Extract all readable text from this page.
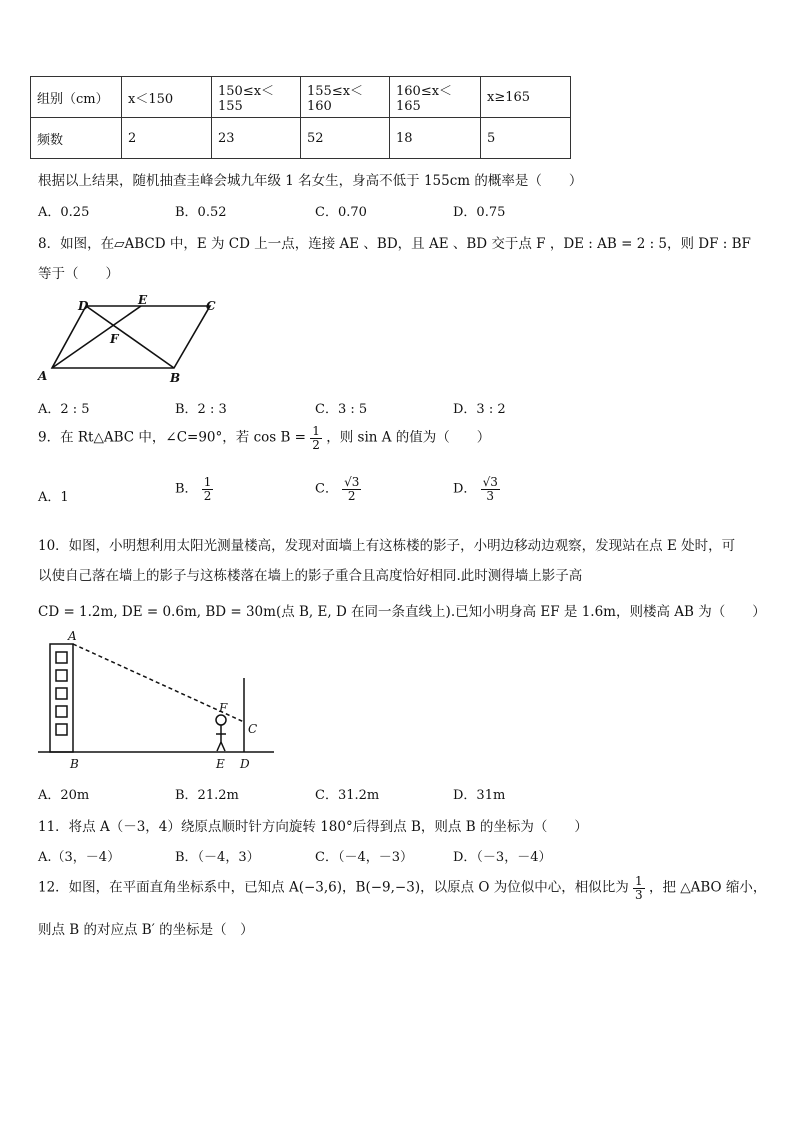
组别（cm）	x＜150	150≤x＜155	155≤x＜160	160≤x＜165	x≥165
频数	2	23	52	18	5
根据以上结果，随机抽查圭峰会城九年级 1 名女生，身高不低于 155cm 的概率是（　　）
A．0.25	B．0.52	C．0.70	D．0.75
8．如图，在▱ABCD 中，E 为 CD 上一点，连接 AE 、BD，且 AE 、BD 交于点 F ，DE : AB = 2 : 5，则 DF : BF
等于（　　）
A	B
C
D	E
F
A．2 : 5	B．2 : 3	C．3 : 5	D．3 : 2
9．在 Rt△ABC 中，∠C=90°，若 $\cos B = \frac{1}{2}$ ，则 sin A 的值为（　　）
A．1
B． $\frac{1}{2}$	C． $\frac{√3}{2}$	D． $\frac{√3}{3}$
10．如图，小明想利用太阳光测量楼高，发现对面墙上有这栋楼的影子，小明边移动边观察，发现站在点 E 处时，可
以使自己落在墙上的影子与这栋楼落在墙上的影子重合且高度恰好相同.此时测得墙上影子高
CD = 1.2m, DE = 0.6m, BD = 30m(点 B, E, D 在同一条直线上).已知小明身高 EF 是 1.6m，则楼高 AB 为（　　）
A
B
C
D
E
F
A．20m	B．21.2m	C．31.2m	D．31m
11．将点 A（－3，4）绕原点顺时针方向旋转 180°后得到点 B，则点 B 的坐标为（　　）
A.（3，－4）	B．（－4，3）	C．（－4，－3）	D．（－3，－4）
12．如图，在平面直角坐标系中，已知点 A(−3,6)，B(−9,−3)，以原点 O 为位似中心，相似比为 $\frac{1}{3}$ ，把 △ABO 缩小，
则点 B 的对应点 B′ 的坐标是（　）
